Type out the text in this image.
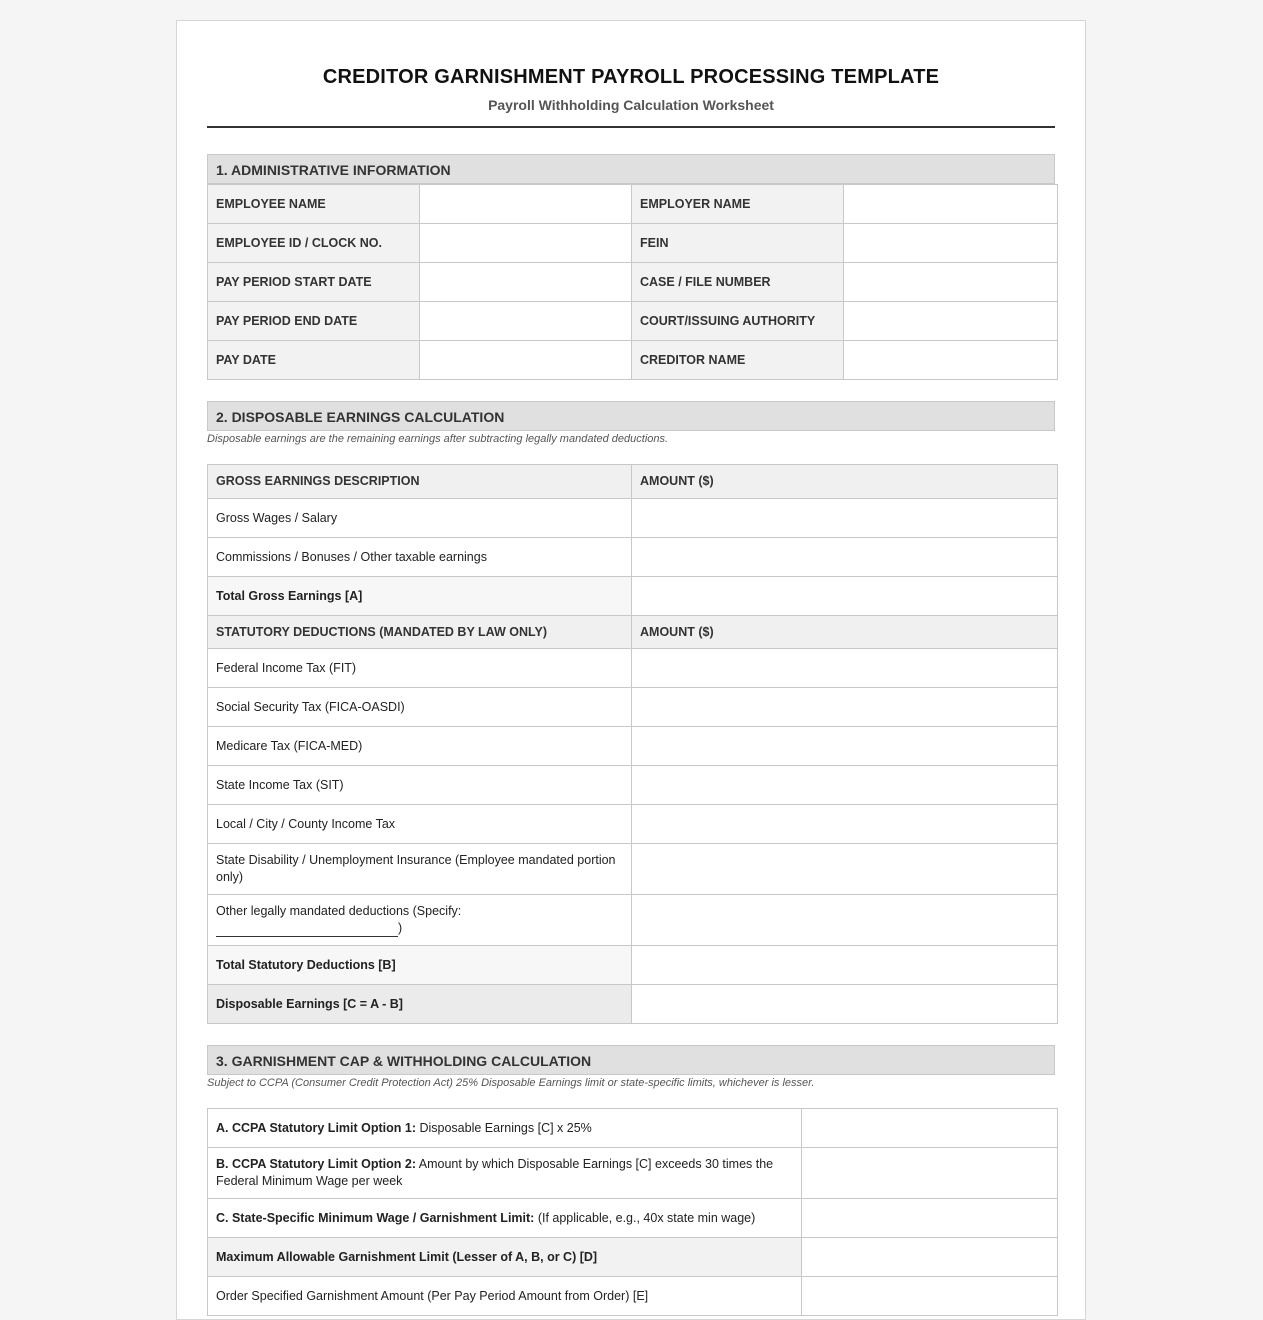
CREDITOR GARNISHMENT PAYROLL PROCESSING TEMPLATE
Payroll Withholding Calculation Worksheet
1. ADMINISTRATIVE INFORMATION
EMPLOYEE NAME		EMPLOYER NAME	
EMPLOYEE ID / CLOCK NO.		FEIN	
PAY PERIOD START DATE		CASE / FILE NUMBER	
PAY PERIOD END DATE		COURT/ISSUING AUTHORITY	
PAY DATE		CREDITOR NAME	
2. DISPOSABLE EARNINGS CALCULATION
Disposable earnings are the remaining earnings after subtracting legally mandated deductions.
GROSS EARNINGS DESCRIPTION	AMOUNT ($)
Gross Wages / Salary	
Commissions / Bonuses / Other taxable earnings	
Total Gross Earnings [A]	
STATUTORY DEDUCTIONS (MANDATED BY LAW ONLY)	AMOUNT ($)
Federal Income Tax (FIT)	
Social Security Tax (FICA-OASDI)	
Medicare Tax (FICA-MED)	
State Income Tax (SIT)	
Local / City / County Income Tax	
State Disability / Unemployment Insurance (Employee mandated portion only)	
Other legally mandated deductions (Specify:
)	
Total Statutory Deductions [B]	
Disposable Earnings [C = A - B]	
3. GARNISHMENT CAP & WITHHOLDING CALCULATION
Subject to CCPA (Consumer Credit Protection Act) 25% Disposable Earnings limit or state-specific limits, whichever is lesser.
A. CCPA Statutory Limit Option 1: Disposable Earnings [C] x 25%	
B. CCPA Statutory Limit Option 2: Amount by which Disposable Earnings [C] exceeds 30 times the Federal Minimum Wage per week	
C. State-Specific Minimum Wage / Garnishment Limit: (If applicable, e.g., 40x state min wage)	
Maximum Allowable Garnishment Limit (Lesser of A, B, or C) [D]	
Order Specified Garnishment Amount (Per Pay Period Amount from Order) [E]	
